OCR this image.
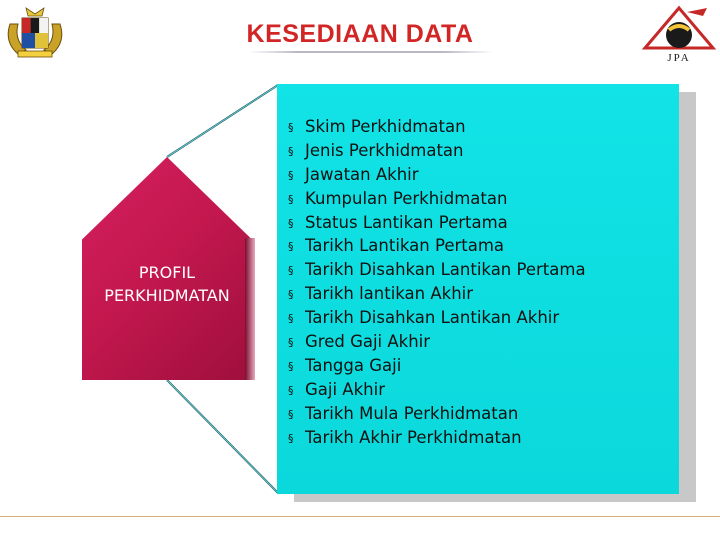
JPA
KESEDIAAN DATA
PROFIL
PERKHIDMATAN
§ Skim Perkhidmatan
§ Jenis Perkhidmatan
§ Jawatan Akhir
§ Kumpulan Perkhidmatan
§ Status Lantikan Pertama
§ Tarikh Lantikan Pertama
§ Tarikh Disahkan Lantikan Pertama
§ Tarikh lantikan Akhir
§ Tarikh Disahkan Lantikan Akhir
§ Gred Gaji Akhir
§ Tangga Gaji
§ Gaji Akhir
§ Tarikh Mula Perkhidmatan
§ Tarikh Akhir Perkhidmatan
